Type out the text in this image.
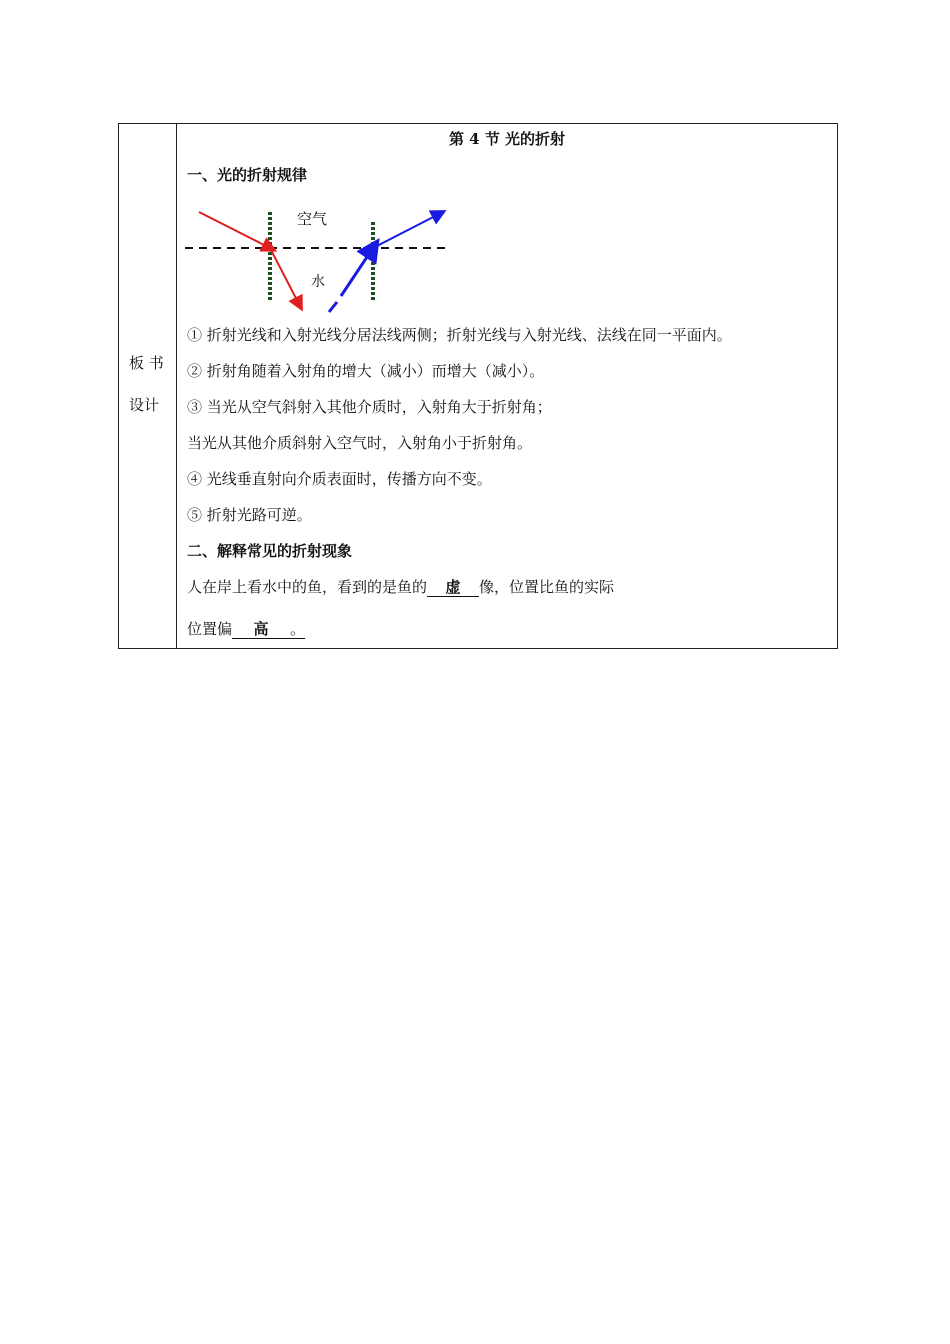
板 书
设计
第 4 节 光的折射
一、光的折射规律
空气
水
① 折射光线和入射光线分居法线两侧；折射光线与入射光线、法线在同一平面内。
② 折射角随着入射角的增大（减小）而增大（减小）。
③ 当光从空气斜射入其他介质时，入射角大于折射角；
当光从其他介质斜射入空气时，入射角小于折射角。
④ 光线垂直射向介质表面时，传播方向不变。
⑤ 折射光路可逆。
二、解释常见的折射现象
人在岸上看水中的鱼，看到的是鱼的 虚 像，位置比鱼的实际
位置偏 高 。
